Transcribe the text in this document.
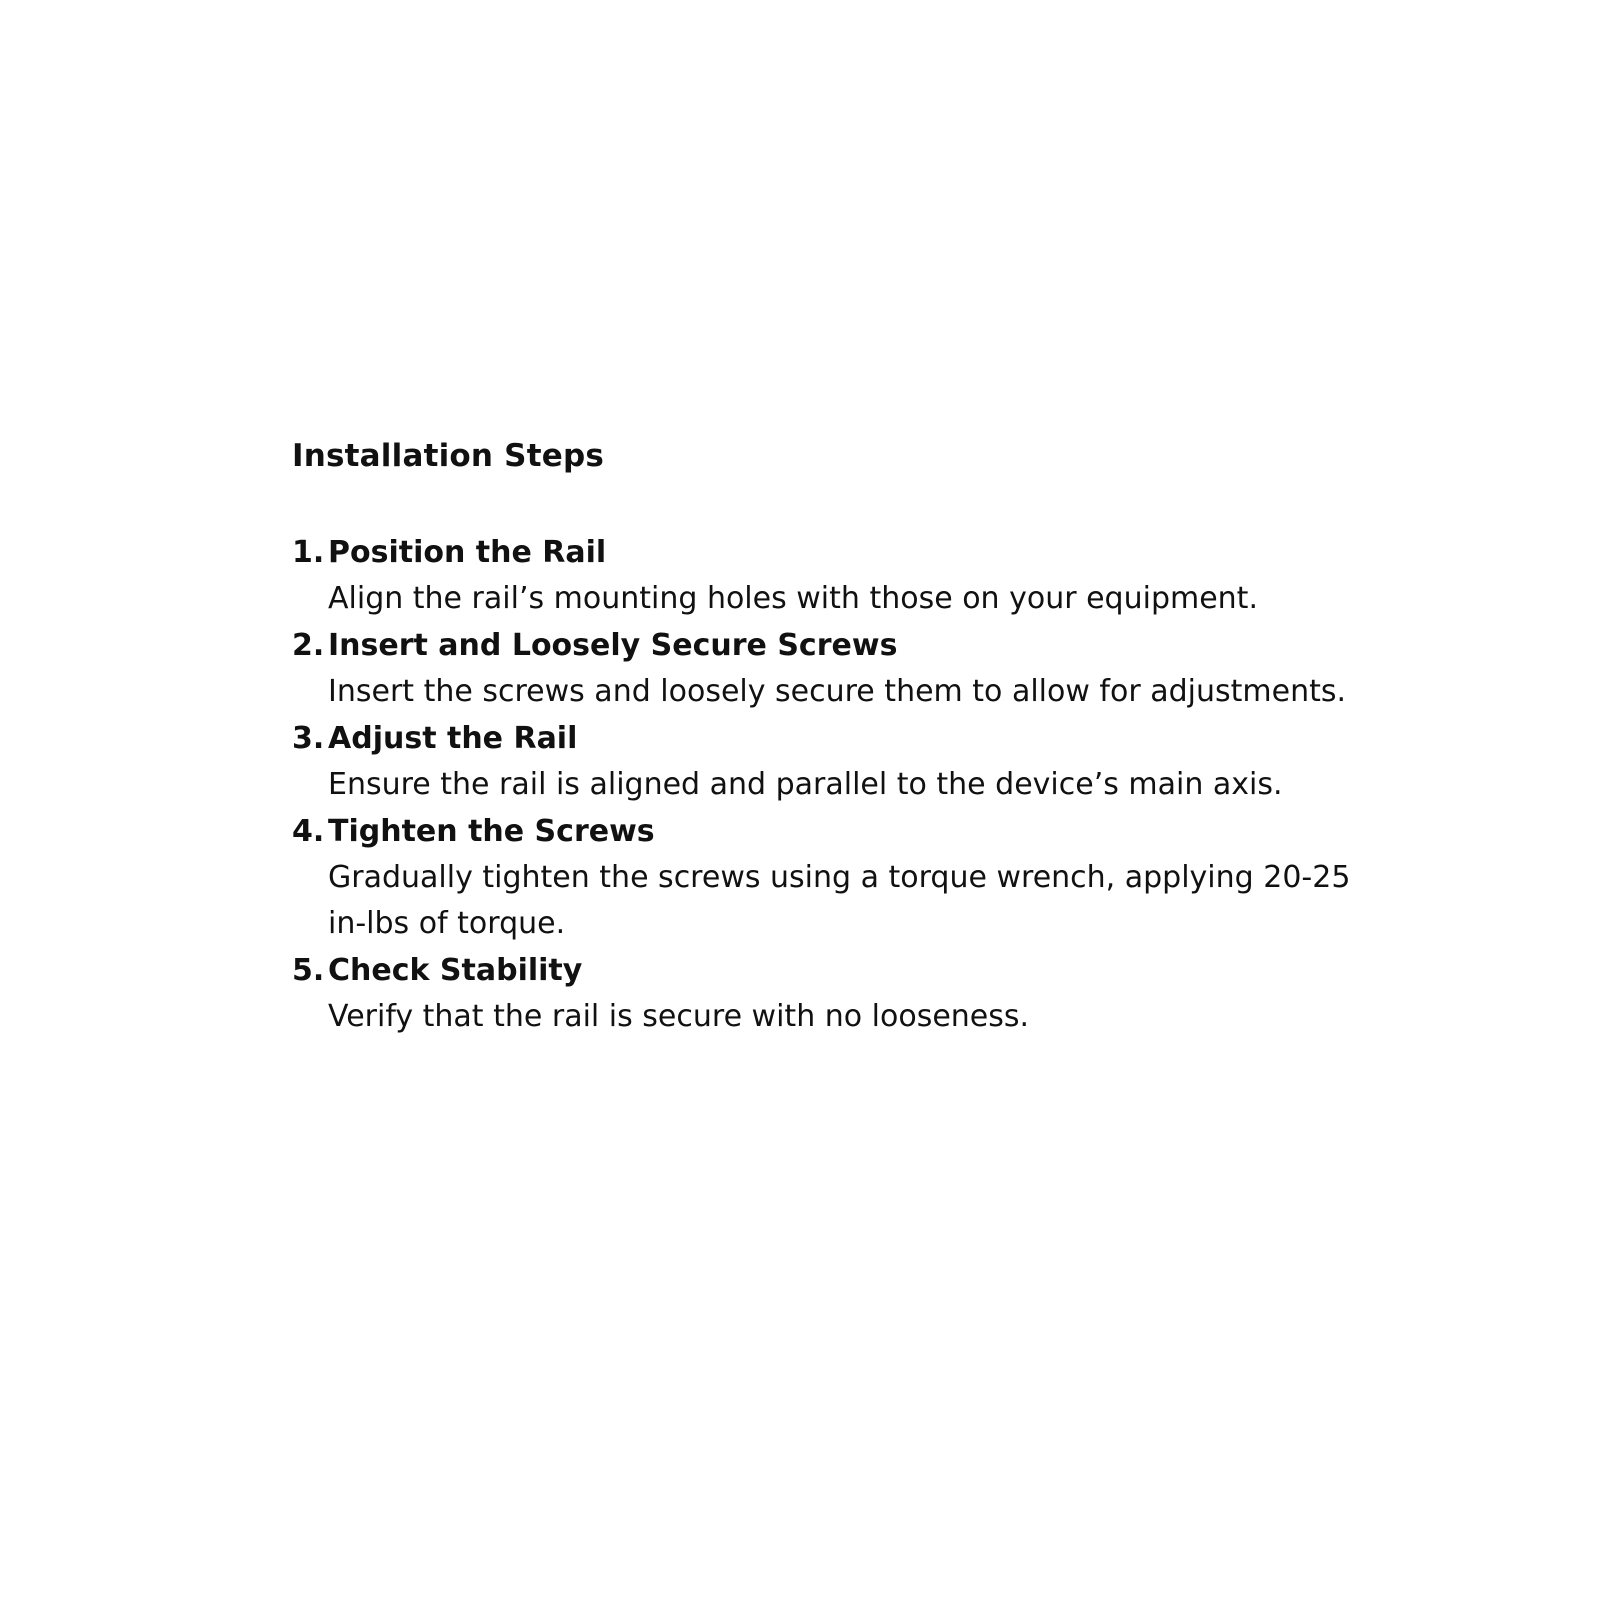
Installation Steps
1. Position the Rail
Align the rail’s mounting holes with those on your equipment.
2. Insert and Loosely Secure Screws
Insert the screws and loosely secure them to allow for adjustments.
3. Adjust the Rail
Ensure the rail is aligned and parallel to the device’s main axis.
4. Tighten the Screws
Gradually tighten the screws using a torque wrench, applying 20-25 in-lbs of torque.
5. Check Stability
Verify that the rail is secure with no looseness.
